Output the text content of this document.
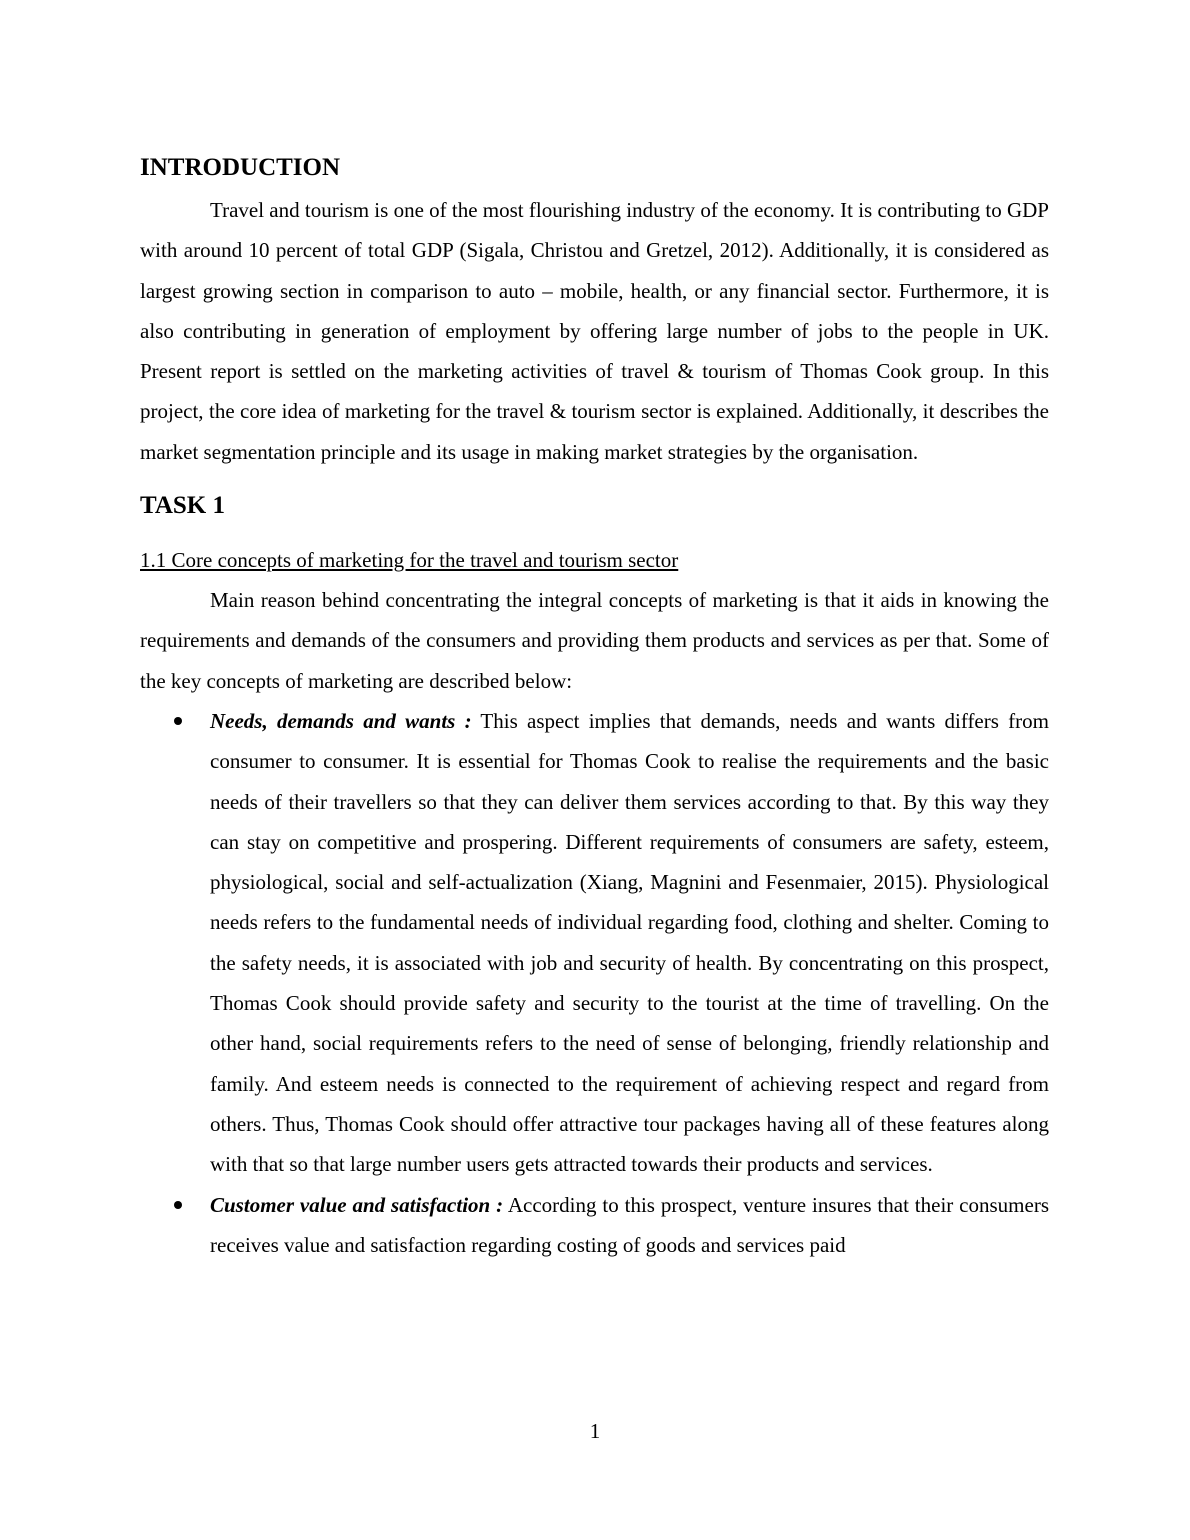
INTRODUCTION

Travel and tourism is one of the most flourishing industry of the economy. It is contributing to GDP with around 10 percent of total GDP (Sigala, Christou and Gretzel, 2012). Additionally, it is considered as largest growing section in comparison to auto – mobile, health, or any financial sector. Furthermore, it is also contributing in generation of employment by offering large number of jobs to the people in UK. Present report is settled on the marketing activities of travel & tourism of Thomas Cook group. In this project, the core idea of marketing for the travel & tourism sector is explained. Additionally, it describes the market segmentation principle and its usage in making market strategies by the organisation.

TASK 1
1.1 Core concepts of marketing for the travel and tourism sector

Main reason behind concentrating the integral concepts of marketing is that it aids in knowing the requirements and demands of the consumers and providing them products and services as per that. Some of the key concepts of marketing are described below:

Needs, demands and wants : This aspect implies that demands, needs and wants differs from consumer to consumer. It is essential for Thomas Cook to realise the requirements and the basic needs of their travellers so that they can deliver them services according to that. By this way they can stay on competitive and prospering. Different requirements of consumers are safety, esteem, physiological, social and self-actualization (Xiang, Magnini and Fesenmaier, 2015). Physiological needs refers to the fundamental needs of individual regarding food, clothing and shelter. Coming to the safety needs, it is associated with job and security of health. By concentrating on this prospect, Thomas Cook should provide safety and security to the tourist at the time of travelling. On the other hand, social requirements refers to the need of sense of belonging, friendly relationship and family. And esteem needs is connected to the requirement of achieving respect and regard from others. Thus, Thomas Cook should offer attractive tour packages having all of these features along with that so that large number users gets attracted towards their products and services.
Customer value and satisfaction : According to this prospect, venture insures that their consumers receives value and satisfaction regarding costing of goods and services paid
1
